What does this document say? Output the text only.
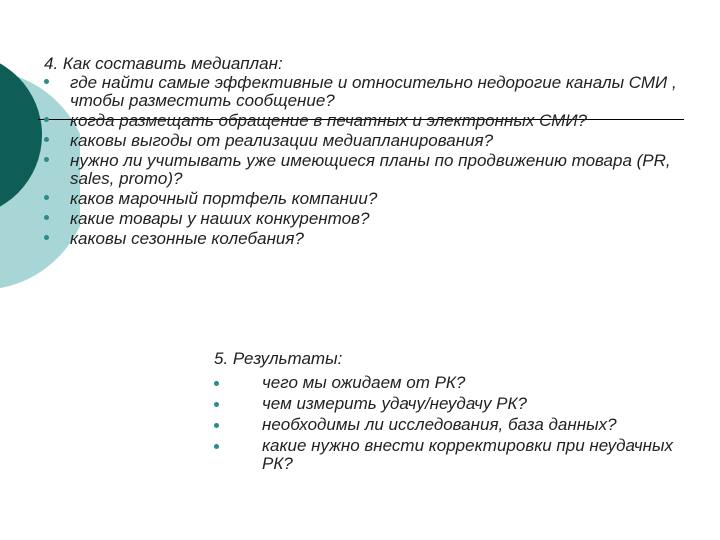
4. Как составить медиаплан:
где найти самые эффективные и относительно недорогие каналы СМИ , чтобы разместить сообщение?
когда размещать обращение в печатных и электронных СМИ?
каковы выгоды от реализации медиапланирования?
нужно ли учитывать уже имеющиеся планы по продвижению товара (PR, sales, promo)?
каков марочный портфель компании?
какие товары у наших конкурентов?
каковы сезонные колебания?
5. Результаты:
чего мы ожидаем от РК?
чем измерить удачу/неудачу РК?
необходимы ли исследования, база данных?
какие нужно внести корректировки при неудачных РК?
